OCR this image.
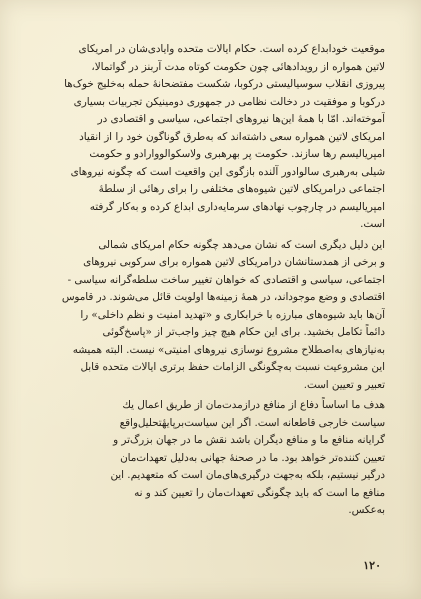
موقعیت خودابداع کرده است. حکام ایالات متحده وایادی‌شان در امریکای
لاتین همواره از رویدادهائی چون حکومت کوتاه مدت آربنز در گواتمالا،
پیروزی انقلاب سوسیالیستی درکوبا، شکست مفتضحانهٔ حمله به‌خلیج خوک‌ها
درکوبا و موفقیت در دخالت نظامی در جمهوری دومینیکن تجربیات بسیاری
آموخته‌اند. امّا با همهٔ این‌ها نیروهای اجتماعی، سیاسی و اقتصادی در
امریکای لاتین همواره سعی داشته‌اند که به‌طرق گوناگون خود را از انقیاد
امپریالیسم رها سازند. حکومت پر بهرهبری ولاسکوالووارادو و حکومت
شیلی به‌رهبری سالوادور آلنده بازگوی این واقعیت است که چگونه نیروهای
اجتماعی درامریکای لاتین شیوه‌های مختلفی را برای رهائی از سلطهٔ
امپریالیسم در چارچوب نهادهای سرمایه‌داری ابداع کرده و به‌کار گرفته
است.

این دلیل دیگری است که نشان می‌دهد چگونه حکام امریکای شمالی
و برخی از همدستانشان درامریکای لاتین همواره برای سرکوبی نیروهای
اجتماعی، سیاسی و اقتصادی که خواهان تغییر ساخت سلطه‌گرانه سیاسی -
اقتصادی و وضع موجوداند، در همهٔ زمینه‌ها اولویت قائل می‌شوند. در قاموس
آن‌ها باید شیوه‌های مبارزه با خرابکاری و «تهدید امنیت و نظم داخلی» را
دائماً تکامل بخشید. برای این حکام هیچ چیز واجب‌تر از «پاسخ‌گوئی
به‌نیازهای به‌اصطلاح مشروع نوسازی نیروهای امنیتی» نیست. البته همیشه
این مشروعیت نسبت به‌چگونگی الزامات حفظ برتری ایالات متحده قابل
تعبیر و تعیین است.

هدف ما اساساً دفاع از منافع درازمدت‌مان از طریق اعمال یك
سیاست خارجی قاطعانه است. اگر این سیاست‌برپایهٔتحلیل‌واقع
گرایانه منافع ما و منافع دیگران باشد نقش ما در جهان بزرگ‌تر و
تعیین کننده‌تر خواهد بود. ما در صحنهٔ جهانی به‌دلیل تعهدات‌مان
درگیر نیستیم، بلکه به‌جهت درگیری‌های‌مان است که متعهدیم. این
منافع ما است که باید چگونگی تعهدات‌مان را تعیین کند و نه
به‌عکس.

۱۲۰
